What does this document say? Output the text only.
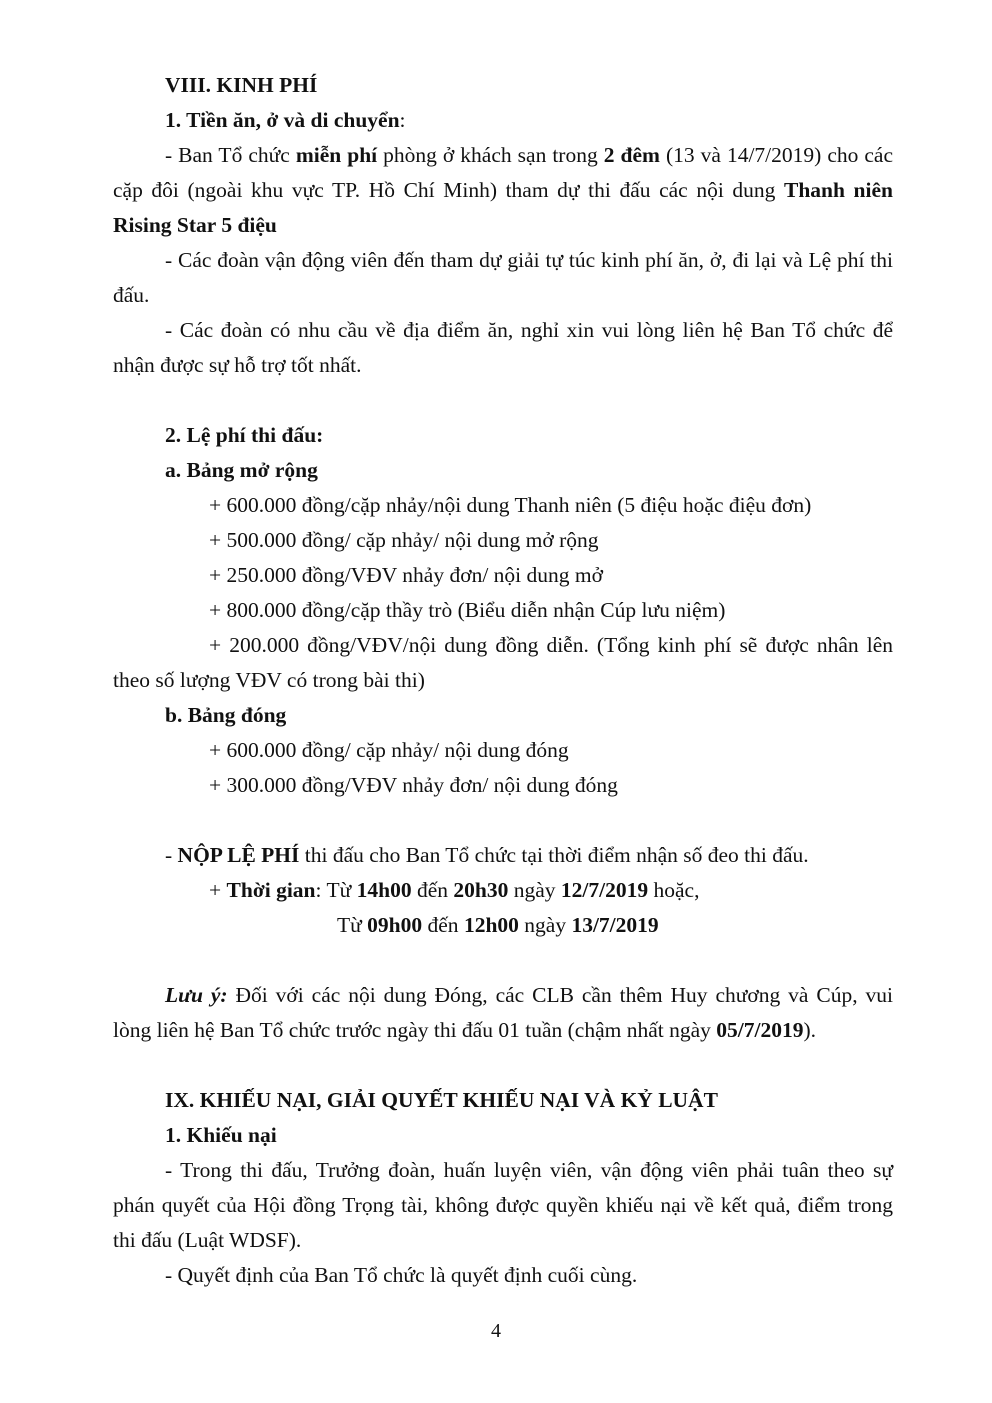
VIII. KINH PHÍ

1. Tiền ăn, ở và di chuyển:

- Ban Tổ chức miễn phí phòng ở khách sạn trong 2 đêm (13 và 14/7/2019) cho các cặp đôi (ngoài khu vực TP. Hồ Chí Minh) tham dự thi đấu các nội dung Thanh niên Rising Star 5 điệu

- Các đoàn vận động viên đến tham dự giải tự túc kinh phí ăn, ở, đi lại và Lệ phí thi đấu.

- Các đoàn có nhu cầu về địa điểm ăn, nghỉ xin vui lòng liên hệ Ban Tổ chức để nhận được sự hỗ trợ tốt nhất.

2. Lệ phí thi đấu:

a. Bảng mở rộng

+ 600.000 đồng/cặp nhảy/nội dung Thanh niên (5 điệu hoặc điệu đơn)

+ 500.000 đồng/ cặp nhảy/ nội dung mở rộng

+ 250.000 đồng/VĐV nhảy đơn/ nội dung mở

+ 800.000 đồng/cặp thầy trò (Biểu diễn nhận Cúp lưu niệm)

+ 200.000 đồng/VĐV/nội dung đồng diễn. (Tổng kinh phí sẽ được nhân lên theo số lượng VĐV có trong bài thi)

b. Bảng đóng

+ 600.000 đồng/ cặp nhảy/ nội dung đóng

+ 300.000 đồng/VĐV nhảy đơn/ nội dung đóng

- NỘP LỆ PHÍ thi đấu cho Ban Tổ chức tại thời điểm nhận số đeo thi đấu.

+ Thời gian: Từ 14h00 đến 20h30 ngày 12/7/2019 hoặc,

Từ 09h00 đến 12h00 ngày 13/7/2019

Lưu ý: Đối với các nội dung Đóng, các CLB cần thêm Huy chương và Cúp, vui lòng liên hệ Ban Tổ chức trước ngày thi đấu 01 tuần (chậm nhất ngày 05/7/2019).

IX. KHIẾU NẠI, GIẢI QUYẾT KHIẾU NẠI VÀ KỶ LUẬT

1. Khiếu nại

- Trong thi đấu, Trưởng đoàn, huấn luyện viên, vận động viên phải tuân theo sự phán quyết của Hội đồng Trọng tài, không được quyền khiếu nại về kết quả, điểm trong thi đấu (Luật WDSF).

- Quyết định của Ban Tổ chức là quyết định cuối cùng.

4
